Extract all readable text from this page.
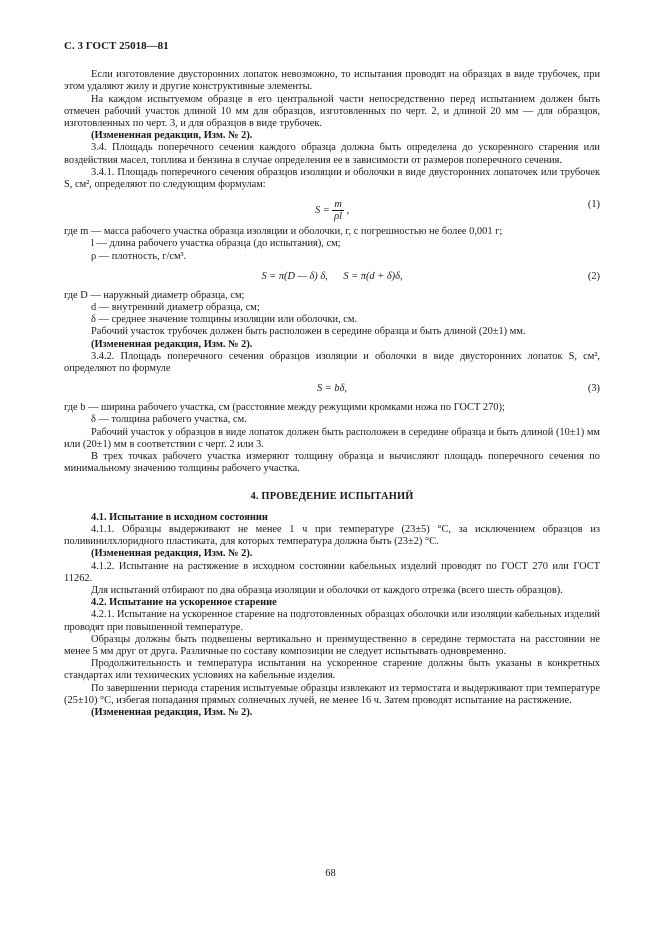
С. 3 ГОСТ 25018—81

Если изготовление двусторонних лопаток невозможно, то испытания проводят на образцах в виде трубочек, при этом удаляют жилу и другие конструктивные элементы.

На каждом испытуемом образце в его центральной части непосредственно перед испытанием должен быть отмечен рабочий участок длиной 10 мм для образцов, изготовленных по черт. 2, и длиной 20 мм — для образцов, изготовленных по черт. 3, и для образцов в виде трубочек.

(Измененная редакция, Изм. № 2).

3.4. Площадь поперечного сечения каждого образца должна быть определена до ускоренного старения или воздействия масел, топлива и бензина в случае определения ее в зависимости от размеров поперечного сечения.

3.4.1. Площадь поперечного сечения образцов изоляции и оболочки в виде двусторонних лопаточек или трубочек S, см², определяют по следующим формулам:

$S = \frac{m}{\rho l}$ ,
(1)

где m — масса рабочего участка образца изоляции и оболочки, г, с погрешностью не более 0,001 г;

l — длина рабочего участка образца (до испытания), см;

ρ — плотность, г/см³.

S = π(D — δ) δ,      S = π(d + δ)δ,	(2)

где D — наружный диаметр образца, см;

d — внутренний диаметр образца, см;

δ — среднее значение толщины изоляции или оболочки, см.

Рабочий участок трубочек должен быть расположен в середине образца и быть длиной (20±1) мм.

(Измененная редакция, Изм. № 2).

3.4.2. Площадь поперечного сечения образцов изоляции и оболочки в виде двусторонних лопаток S, см², определяют по формуле

S = bδ,	(3)

где b — ширина рабочего участка, см (расстояние между режущими кромками ножа по ГОСТ 270);

δ — толщина рабочего участка, см.

Рабочий участок у образцов в виде лопаток должен быть расположен в середине образца и быть длиной (10±1) мм или (20±1) мм в соответствии с черт. 2 или 3.

В трех точках рабочего участка измеряют толщину образца и вычисляют площадь поперечного сечения по минимальному значению толщины рабочего участка.

4. ПРОВЕДЕНИЕ ИСПЫТАНИЙ

4.1. Испытание в исходном состоянии

4.1.1. Образцы выдерживают не менее 1 ч при температуре (23±5) °С, за исключением образцов из поливинилхлоридного пластиката, для которых температура должна быть (23±2) °С.

(Измененная редакция, Изм. № 2).

4.1.2. Испытание на растяжение в исходном состоянии кабельных изделий проводят по ГОСТ 270 или ГОСТ 11262.

Для испытаний отбирают по два образца изоляции и оболочки от каждого отрезка (всего шесть образцов).

4.2. Испытание на ускоренное старение

4.2.1. Испытание на ускоренное старение на подготовленных образцах оболочки или изоляции кабельных изделий проводят при повышенной температуре.

Образцы должны быть подвешены вертикально и преимущественно в середине термостата на расстоянии не менее 5 мм друг от друга. Различные по составу композиции не следует испытывать одновременно.

Продолжительность и температура испытания на ускоренное старение должны быть указаны в конкретных стандартах или технических условиях на кабельные изделия.

По завершении периода старения испытуемые образцы извлекают из термостата и выдерживают при температуре (25±10) °С, избегая попадания прямых солнечных лучей, не менее 16 ч. Затем проводят испытание на растяжение.

(Измененная редакция, Изм. № 2).

68
